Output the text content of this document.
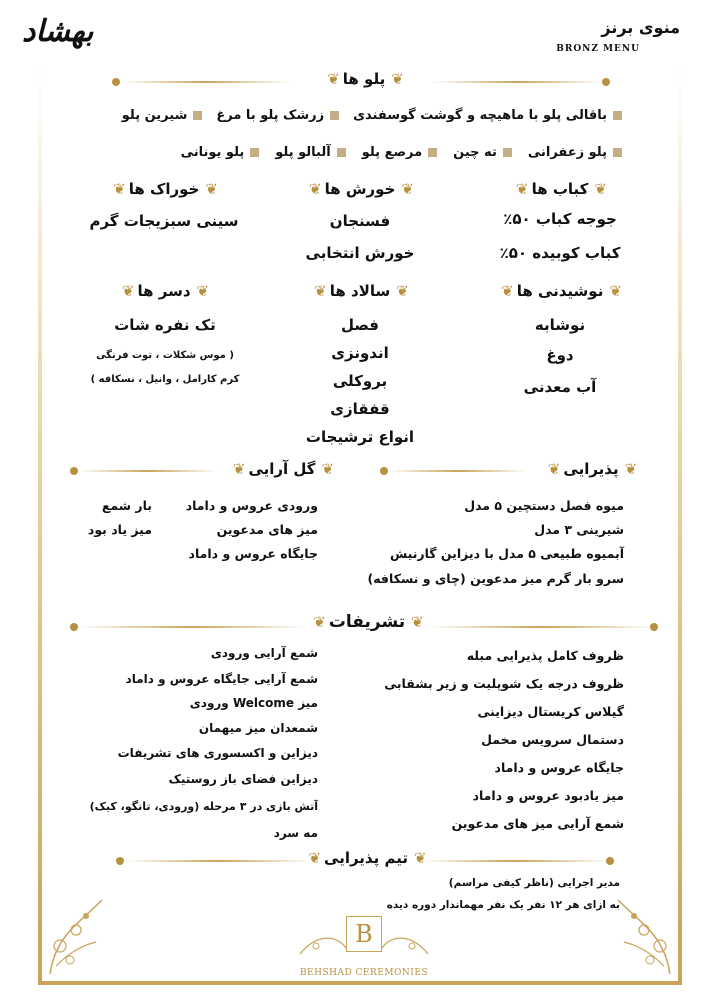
بهشاد	منوی برنز
BRONZ MENU
❦
پلو ها
❦
باقالی پلو با ماهیچه و گوشت گوسفندی
زرشک پلو با مرغ
شیرین پلو
پلو زعفرانی
ته چین
مرصع پلو
آلبالو پلو
پلو یونانی
❦
کباب ها
❦
❦
خورش ها
❦
❦
خوراک ها
❦
جوجه کباب ۵۰٪
کباب کوبیده ۵۰٪
فسنجان
خورش انتخابی
سینی سبزیجات گرم
❦
نوشیدنی ها
❦
❦
سالاد ها
❦
❦
دسر ها
❦
نوشابه
دوغ
آب معدنی
فصل
اندونزی
بروکلی
قفقازی
انواع ترشیجات
تک نفره شات
( موس شکلات ، توت فرنگی
کرم کارامل ، وانیل ، نسکافه )
❦
پذیرایی
❦
❦
گل آرایی
❦
میوه فصل دستچین ۵ مدل
شیرینی ۳ مدل
آبمیوه طبیعی ۵ مدل با دیزاین گارنیش
سرو بار گرم میز مدعوین (چای و نسکافه)
ورودی عروس و داماد
میز های مدعوین
جایگاه عروس و داماد
بار شمع
میز یاد بود
❦
تشریفات
❦
ظروف کامل پذیرایی مبله
ظروف درجه یک شوپلیت و زیر بشقابی
گیلاس کریستال دیزاینی
دستمال سرویس مخمل
جایگاه عروس و داماد
میز یادبود عروس و داماد
شمع آرایی میز های مدعوین
شمع آرایی ورودی
شمع آرایی جایگاه عروس و داماد
میز Welcome ورودی
شمعدان میز میهمان
دیزاین و اکسسوری های تشریفات
دیزاین فضای باز روستیک
آتش بازی در ۳ مرحله (ورودی، تانگو، کیک)
مه سرد
❦
تیم پذیرایی
❦
مدیر اجرایی (ناظر کیفی مراسم)
به ازای هر ۱۲ نفر یک نفر مهماندار دوره دیده
B
BEHSHAD CEREMONIES
